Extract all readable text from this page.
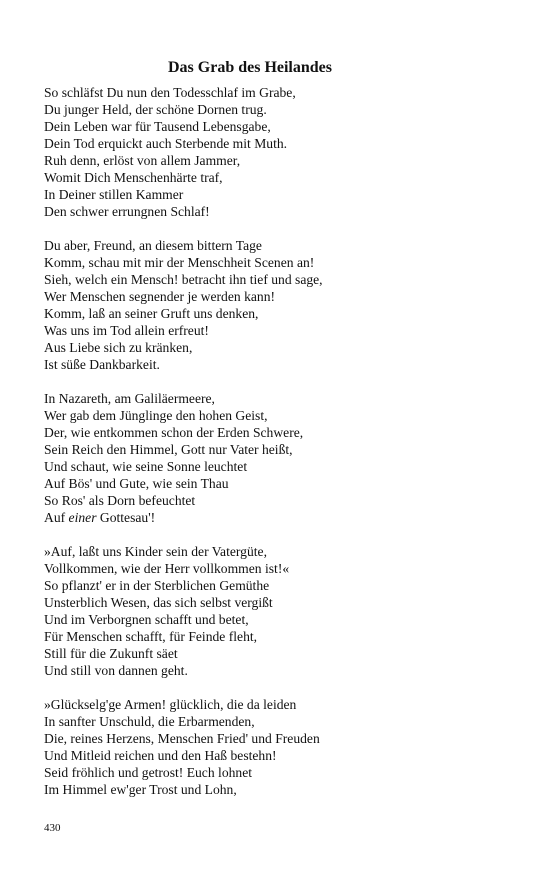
Das Grab des Heilandes
So schläfst Du nun den Todesschlaf im Grabe,
Du junger Held, der schöne Dornen trug.
Dein Leben war für Tausend Lebensgabe,
Dein Tod erquickt auch Sterbende mit Muth.
Ruh denn, erlöst von allem Jammer,
Womit Dich Menschenhärte traf,
In Deiner stillen Kammer
Den schwer errungnen Schlaf!
Du aber, Freund, an diesem bittern Tage
Komm, schau mit mir der Menschheit Scenen an!
Sieh, welch ein Mensch! betracht ihn tief und sage,
Wer Menschen segnender je werden kann!
Komm, laß an seiner Gruft uns denken,
Was uns im Tod allein erfreut!
Aus Liebe sich zu kränken,
Ist süße Dankbarkeit.
In Nazareth, am Galiläermeere,
Wer gab dem Jünglinge den hohen Geist,
Der, wie entkommen schon der Erden Schwere,
Sein Reich den Himmel, Gott nur Vater heißt,
Und schaut, wie seine Sonne leuchtet
Auf Bös' und Gute, wie sein Thau
So Ros' als Dorn befeuchtet
Auf einer Gottesau'!
»Auf, laßt uns Kinder sein der Vatergüte,
Vollkommen, wie der Herr vollkommen ist!«
So pflanzt' er in der Sterblichen Gemüthe
Unsterblich Wesen, das sich selbst vergißt
Und im Verborgnen schafft und betet,
Für Menschen schafft, für Feinde fleht,
Still für die Zukunft säet
Und still von dannen geht.
»Glückselg'ge Armen! glücklich, die da leiden
In sanfter Unschuld, die Erbarmenden,
Die, reines Herzens, Menschen Fried' und Freuden
Und Mitleid reichen und den Haß bestehn!
Seid fröhlich und getrost! Euch lohnet
Im Himmel ew'ger Trost und Lohn,
430
